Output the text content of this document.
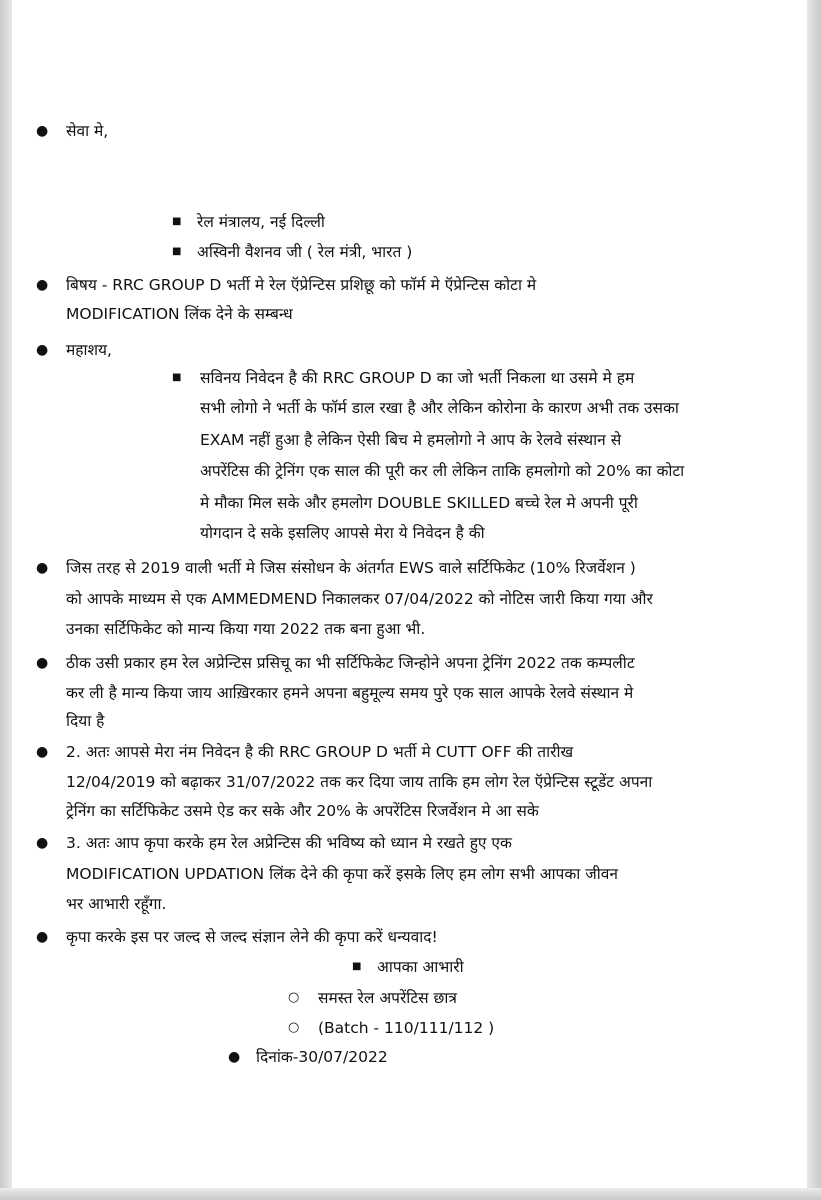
● सेवा मे,
■ रेल मंत्रालय, नई दिल्ली
■ अस्विनी वैशनव जी ( रेल मंत्री, भारत )
● बिषय - RRC GROUP D भर्ती मे रेल ऍप्रेन्टिस प्रशिछू को फॉर्म मे ऍप्रेन्टिस कोटा मे
MODIFICATION लिंक देने के सम्बन्ध
● महाशय,
■ सविनय निवेदन है की RRC GROUP D का जो भर्ती निकला था उसमे मे हम
सभी लोगो ने भर्ती के फॉर्म डाल रखा है और लेकिन कोरोना के कारण अभी तक उसका
EXAM नहीं हुआ है लेकिन ऐसी बिच मे हमलोगो ने आप के रेलवे संस्थान से
अपरेंटिस की ट्रेनिंग एक साल की पूरी कर ली लेकिन ताकि हमलोगो को 20% का कोटा
मे मौका मिल सके और हमलोग DOUBLE SKILLED बच्चे रेल मे अपनी पूरी
योगदान दे सके इसलिए आपसे मेरा ये निवेदन है की
● जिस तरह से 2019 वाली भर्ती मे जिस संसोधन के अंतर्गत EWS वाले सर्टिफिकेट (10% रिजर्वेशन )
को आपके माध्यम से एक AMMEDMEND निकालकर 07/04/2022 को नोटिस जारी किया गया और
उनका सर्टिफिकेट को मान्य किया गया 2022 तक बना हुआ भी.
● ठीक उसी प्रकार हम रेल अप्रेन्टिस प्रसिचू का भी सर्टिफिकेट जिन्होने अपना ट्रेनिंग 2022 तक कम्पलीट
कर ली है मान्य किया जाय आख़िरकार हमने अपना बहुमूल्य समय पुरे एक साल आपके रेलवे संस्थान मे
दिया है
● 2. अतः आपसे मेरा नंम निवेदन है की RRC GROUP D भर्ती मे CUTT OFF की तारीख
12/04/2019 को बढ़ाकर 31/07/2022 तक कर दिया जाय ताकि हम लोग रेल ऍप्रेन्टिस स्टूडेंट अपना
ट्रेनिंग का सर्टिफिकेट उसमे ऐड कर सके और 20% के अपरेंटिस रिजर्वेशन मे आ सके
● 3. अतः आप कृपा करके हम रेल अप्रेन्टिस की भविष्य को ध्यान मे रखते हुए एक
MODIFICATION UPDATION लिंक देने की कृपा करें इसके लिए हम लोग सभी आपका जीवन
भर आभारी रहूँगा.
● कृपा करके इस पर जल्द से जल्द संज्ञान लेने की कृपा करें धन्यवाद!
■ आपका आभारी
○ समस्त रेल अपरेंटिस छात्र
○ (Batch - 110/111/112 )
● दिनांक-30/07/2022
